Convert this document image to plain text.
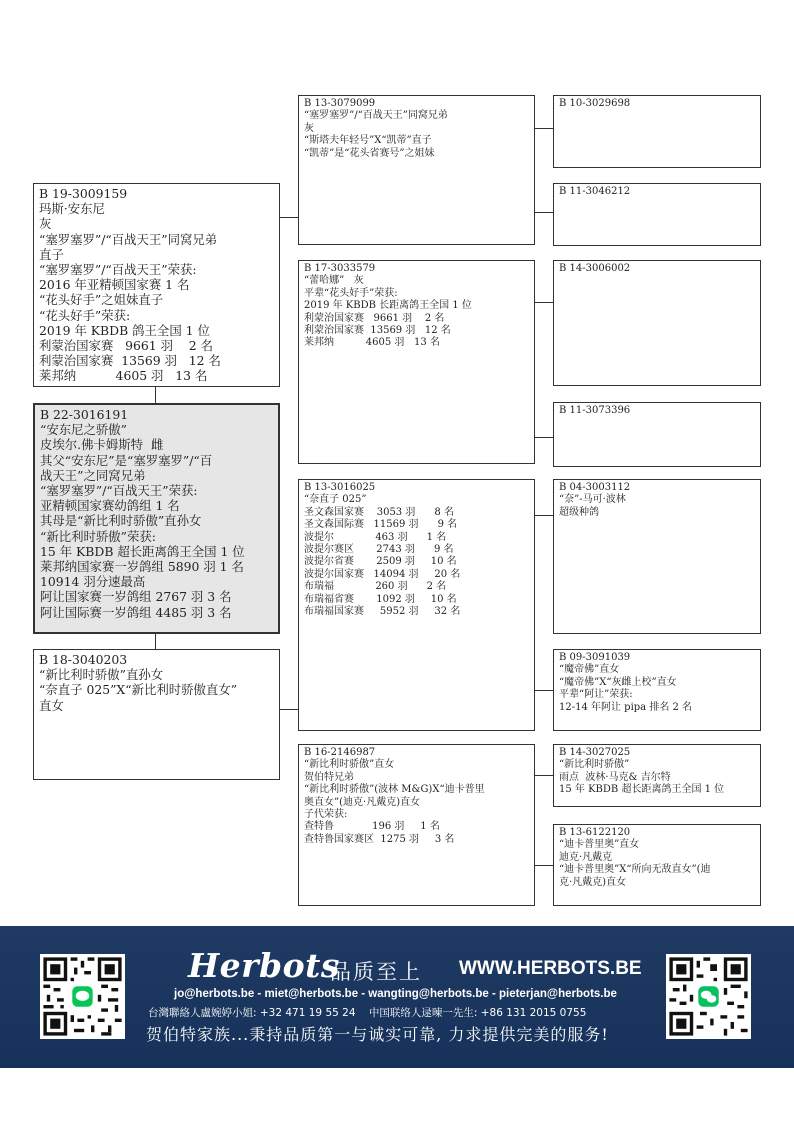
B 22-3016191
“安东尼之骄傲”
皮埃尔.佛卡姆斯特  雌
其父“安东尼”是“塞罗塞罗”/“百
战天王”之同窝兄弟
“塞罗塞罗”/“百战天王”荣获:
亚精顿国家赛幼鸽组 1 名
其母是“新比利时骄傲”直孙女
“新比利时骄傲”荣获:
15 年 KBDB 超长距离鸽王全国 1 位
莱邦纳国家赛一岁鸽组 5890 羽 1 名
10914 羽分速最高
阿让国家赛一岁鸽组 2767 羽 3 名
阿让国际赛一岁鸽组 4485 羽 3 名
B 19-3009159
玛斯·安东尼
灰
“塞罗塞罗”/“百战天王”同窝兄弟
直子
“塞罗塞罗”/“百战天王”荣获:
2016 年亚精顿国家赛 1 名
“花头好手”之姐妹直子
“花头好手”荣获:
2019 年 KBDB 鸽王全国 1 位
利蒙治国家赛   9661 羽    2 名
利蒙治国家赛  13569 羽   12 名
莱邦纳          4605 羽   13 名
B 18-3040203
“新比利时骄傲”直孙女
“奈直子 025”X“新比利时骄傲直女”
直女
B 13-3079099
“塞罗塞罗”/“百战天王”同窝兄弟
灰
“斯塔夫年轻号”X“凯蒂”直子
“凯蒂”是“花头省赛号”之姐妹
B 17-3033579
“蕾哈娜”   灰
平辈“花头好手”荣获:
2019 年 KBDB 长距离鸽王全国 1 位
利蒙治国家赛   9661 羽    2 名
利蒙治国家赛  13569 羽   12 名
莱邦纳          4605 羽   13 名
B 13-3016025
“奈直子 025”
圣文森国家赛    3053 羽      8 名
圣文森国际赛   11569 羽      9 名
波提尔             463 羽      1 名
波提尔赛区       2743 羽      9 名
波提尔省赛       2509 羽     10 名
波提尔国家赛   14094 羽     20 名
布瑞福             260 羽      2 名
布瑞福省赛       1092 羽     10 名
布瑞福国家赛     5952 羽     32 名
B 16-2146987
“新比利时骄傲”直女
贺伯特兄弟
“新比利时骄傲”(波林 M&G)X“迪卡普里
奥直女”(迪克·凡戴克)直女
子代荣获:
查特鲁            196 羽     1 名
查特鲁国家赛区  1275 羽     3 名
B 10-3029698
B 11-3046212
B 14-3006002
B 11-3073396
B 04-3003112
“奈”-马可·波林
超级种鸽
B 09-3091039
“魔帝佛”直女
“魔帝佛”X“灰雌上校”直女
平辈“阿让”荣获:
12-14 年阿让 pipa 排名 2 名
B 14-3027025
“新比利时骄傲”
雨点  波林·马克& 吉尔特
15 年 KBDB 超长距离鸽王全国 1 位
B 13-6122120
“迪卡普里奥”直女
迪克·凡戴克
“迪卡普里奥”X“所向无敌直女”(迪
克·凡戴克)直女
Herbots
品质至上 WWW.HERBOTS.BE
jo@herbots.be - miet@herbots.be - wangting@herbots.be - pieterjan@herbots.be
台灣聯絡人盧婉婷小姐: +32 471 19 55 24    中国联络人逯暕一先生: +86 131 2015 0755
贺伯特家族...秉持品质第一与诚实可靠, 力求提供完美的服务!
